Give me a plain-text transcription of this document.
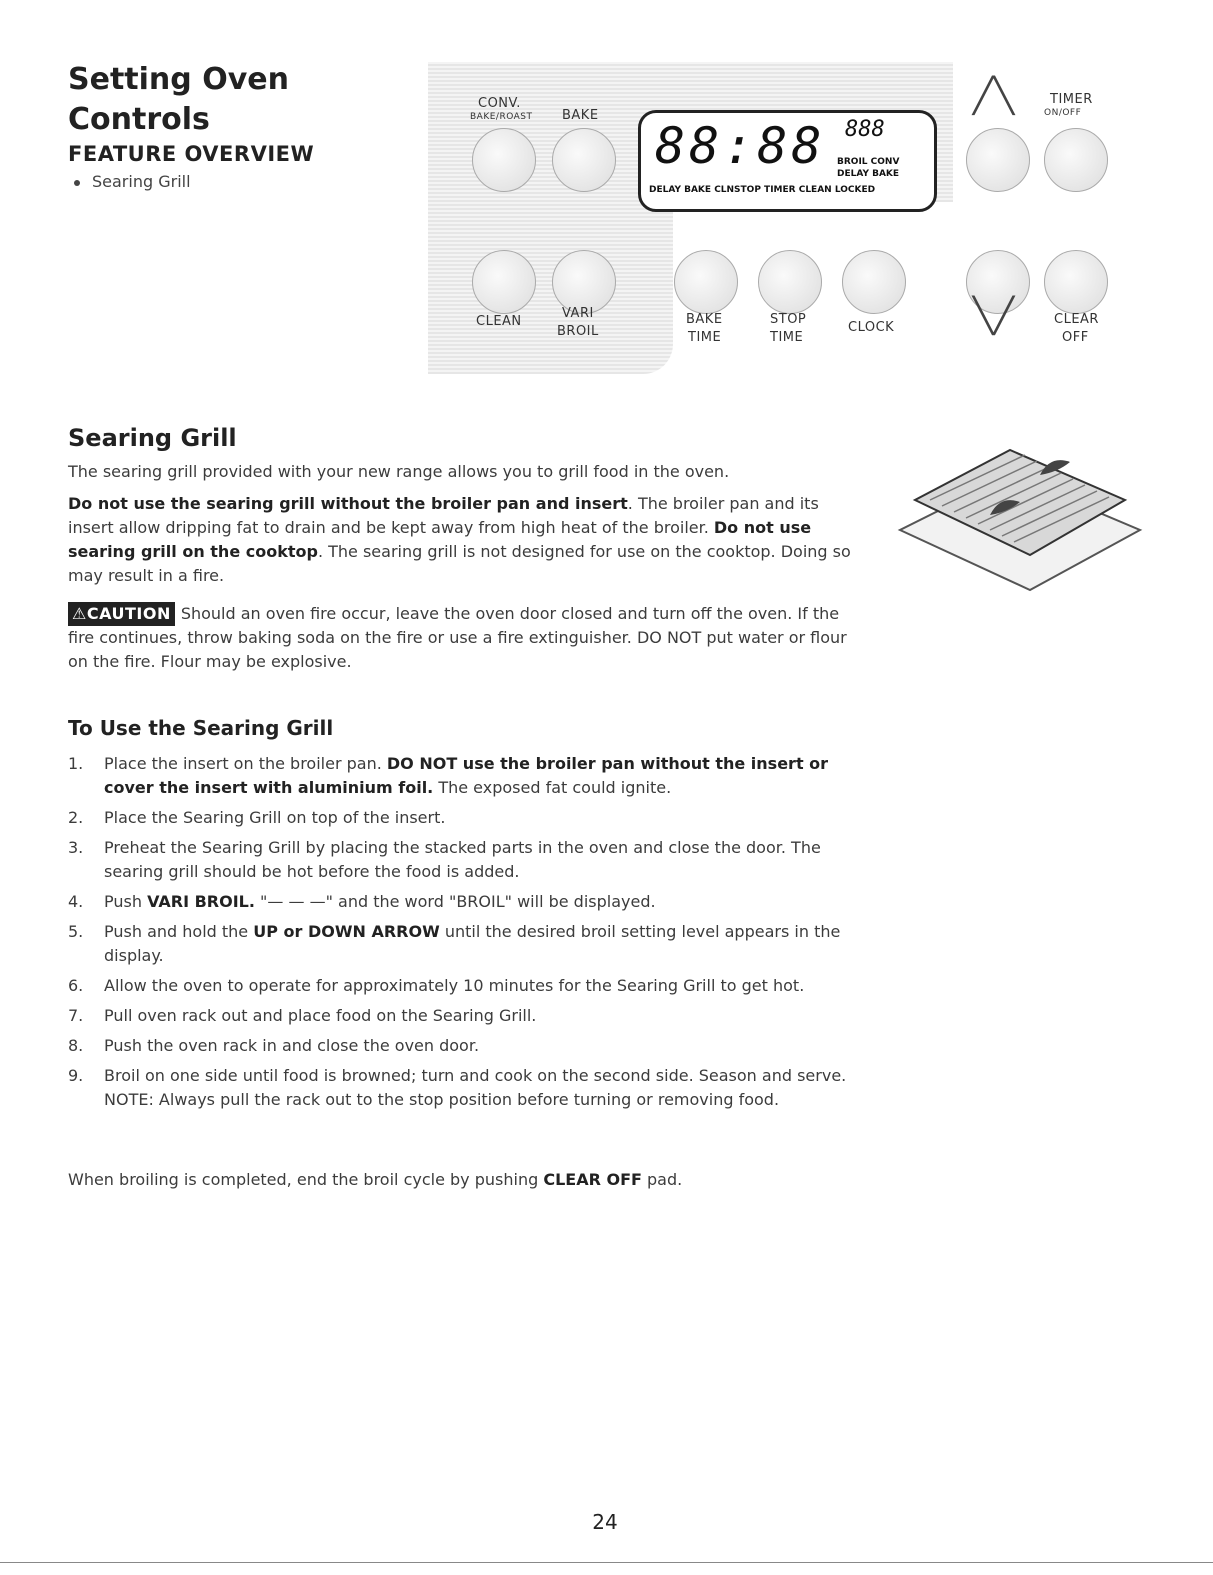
Setting Oven
Controls
FEATURE OVERVIEW
Searing Grill
CONV.
BAKE/ROAST BAKE
CLEAN
VARI
BROIL
88:88 888
BROIL CONV
DELAY BAKE
DELAY BAKE CLNSTOP TIMER CLEAN LOCKED
╱╲	TIMER
ON/OFF
BAKE
TIME
STOP
TIME
CLOCK ╲╱	CLEAR
OFF
Searing Grill
The searing grill provided with your new range allows you to grill food in the oven.
Do not use the searing grill without the broiler pan and insert. The broiler pan and its insert allow dripping fat to drain and be kept away from high heat of the broiler. Do not use searing grill on the cooktop. The searing grill is not designed for use on the cooktop. Doing so may result in a fire.
⚠CAUTION Should an oven fire occur, leave the oven door closed and turn off the oven. If the fire continues, throw baking soda on the fire or use a fire extinguisher. DO NOT put water or flour on the fire. Flour may be explosive.
To Use the Searing Grill
1. Place the insert on the broiler pan. DO NOT use the broiler pan without the insert or cover the insert with aluminium foil. The exposed fat could ignite.
2. Place the Searing Grill on top of the insert.
3. Preheat the Searing Grill by placing the stacked parts in the oven and close the door. The searing grill should be hot before the food is added.
4. Push VARI BROIL. "— — —" and the word "BROIL" will be displayed.
5. Push and hold the UP or DOWN ARROW until the desired broil setting level appears in the display.
6. Allow the oven to operate for approximately 10 minutes for the Searing Grill to get hot.
7. Pull oven rack out and place food on the Searing Grill.
8. Push the oven rack in and close the oven door.
9. Broil on one side until food is browned; turn and cook on the second side. Season and serve. NOTE: Always pull the rack out to the stop position before turning or removing food.
When broiling is completed, end the broil cycle by pushing CLEAR OFF pad.
24
